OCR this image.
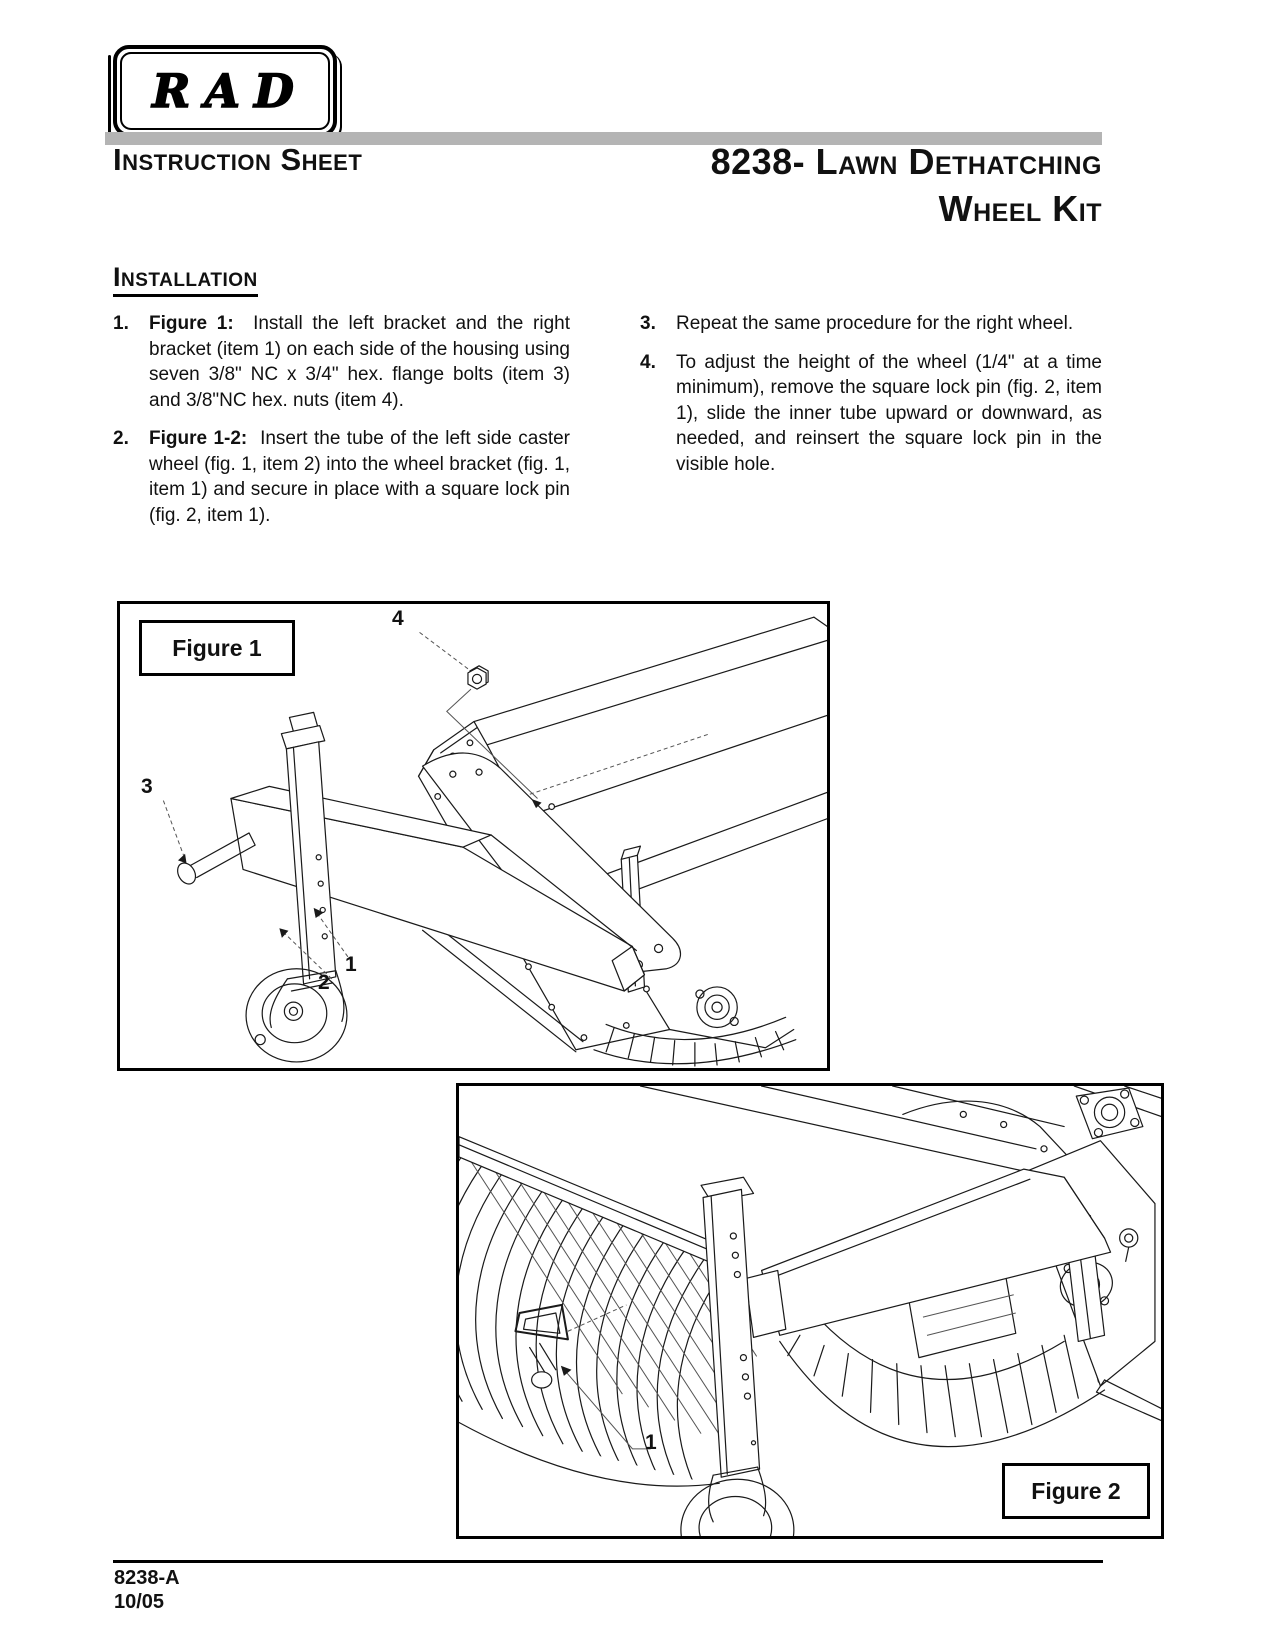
RAD
Instruction Sheet	8238- Lawn Dethatching
Wheel Kit
Installation
1. Figure 1: Install the left bracket and the right bracket (item 1) on each side of the housing using seven 3/8" NC x 3/4" hex. flange bolts (item 3) and 3/8"NC hex. nuts (item 4).
2. Figure 1-2: Insert the tube of the left side caster wheel (fig. 1, item 2) into the wheel bracket (fig. 1, item 1) and secure in place with a square lock pin (fig. 2, item 1).
3. Repeat the same procedure for the right wheel.
4. To adjust the height of the wheel (1/4" at a time minimum), remove the square lock pin (fig. 2, item 1), slide the inner tube upward or downward, as needed, and reinsert the square lock pin in the visible hole.
Figure 1
4
3
1
2
Figure 2
1
8238-A
10/05
